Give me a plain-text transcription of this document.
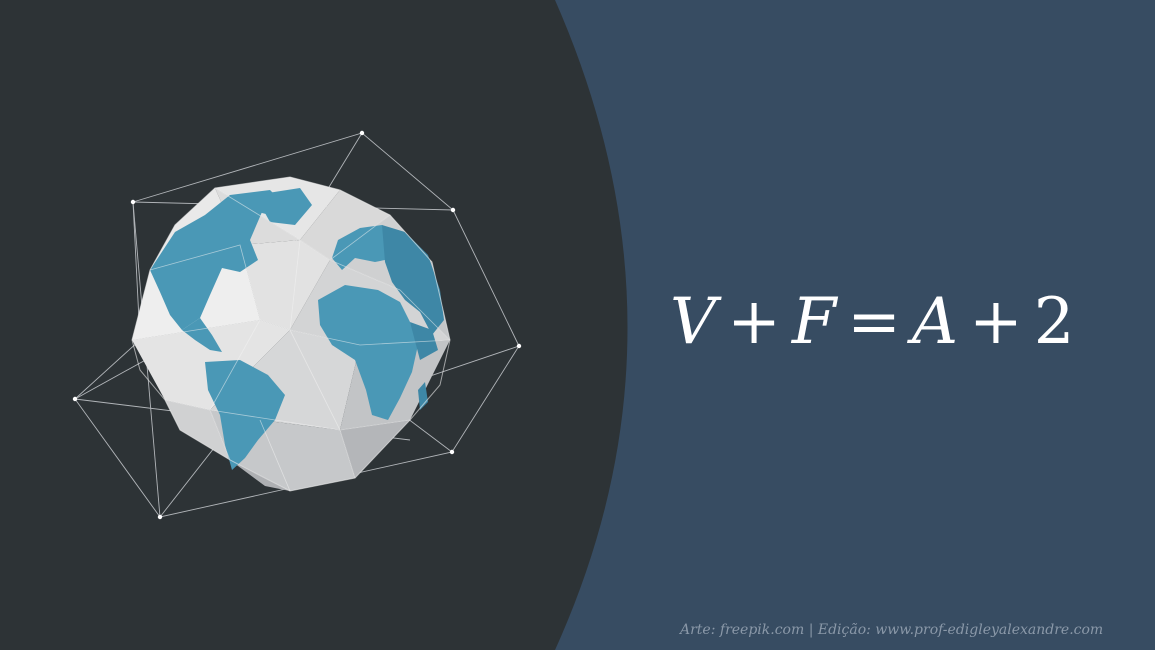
V + F = A + 2
Arte: freepik.com | Edição: www.prof-edigleyalexandre.com
